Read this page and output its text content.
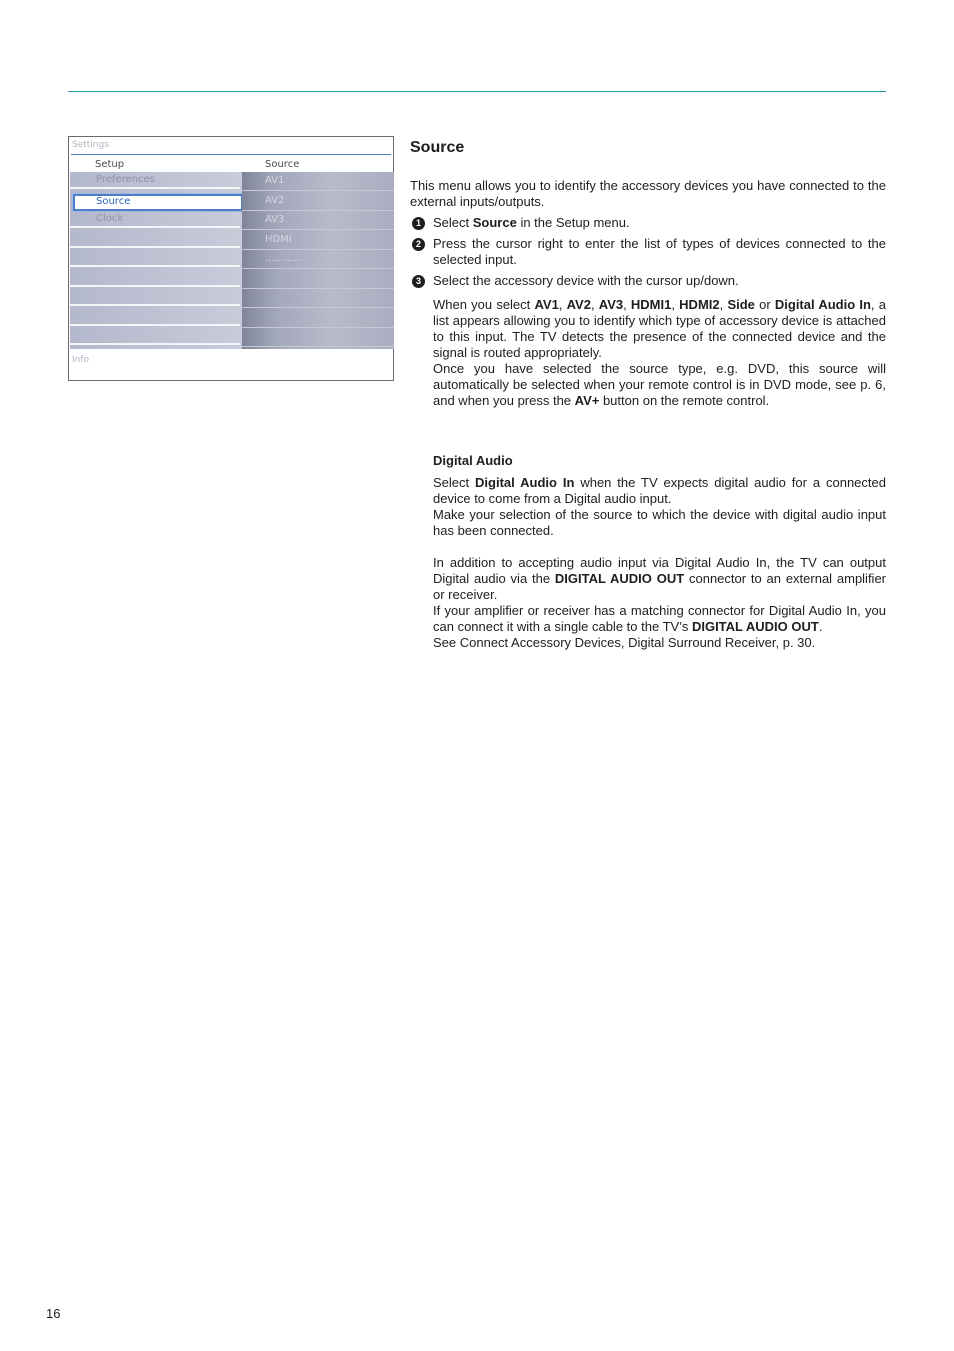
Settings
Setup	Source
Preferences
Source
Clock
AV1
AV2
AV3
HDMI
............
Info
Source

This menu allows you to identify the accessory devices you have connected to the external inputs/outputs.

1 Select Source in the Setup menu.
2 Press the cursor right to enter the list of types of devices connected to the selected input.
3 Select the accessory device with the cursor up/down.

When you select AV1, AV2, AV3, HDMI1, HDMI2, Side or Digital Audio In, a list appears allowing you to identify which type of accessory device is attached to this input. The TV detects the presence of the connected device and the signal is routed appropriately.

Once you have selected the source type, e.g. DVD, this source will automatically be selected when your remote control is in DVD mode, see p. 6, and when you press the AV+ button on the remote control.

Digital Audio

Select Digital Audio In when the TV expects digital audio for a connected device to come from a Digital audio input.

Make your selection of the source to which the device with digital audio input has been connected.

In addition to accepting audio input via Digital Audio In, the TV can output Digital audio via the DIGITAL AUDIO OUT connector to an external amplifier or receiver.

If your amplifier or receiver has a matching connector for Digital Audio In, you can connect it with a single cable to the TV’s DIGITAL AUDIO OUT.

See Connect Accessory Devices, Digital Surround Receiver, p. 30.

16
